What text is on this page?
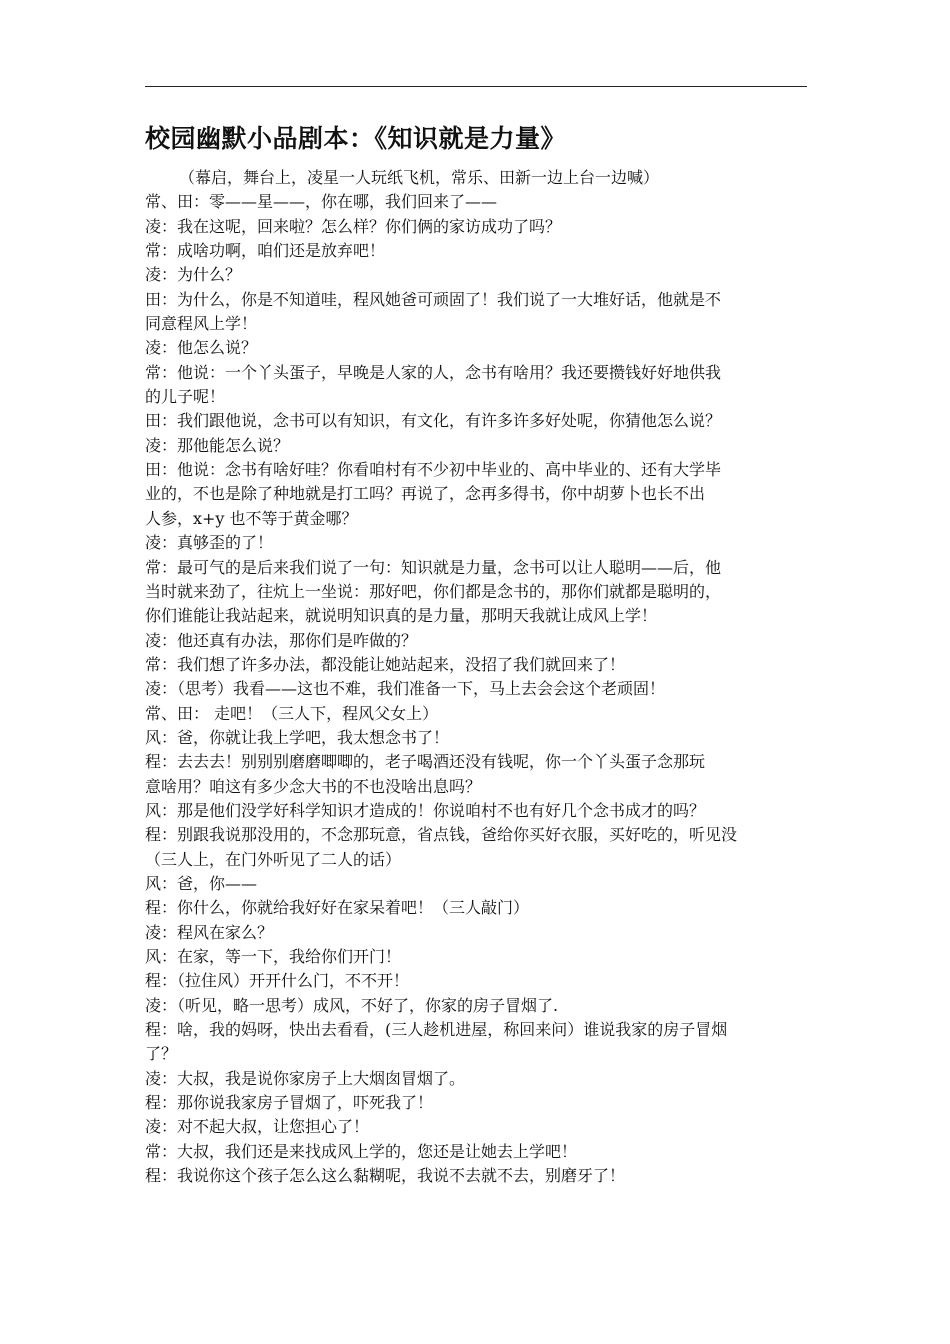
校园幽默小品剧本：《知识就是力量》
（幕启，舞台上，凌星一人玩纸飞机，常乐、田新一边上台一边喊）
常、田：零——星——，你在哪，我们回来了——
凌：我在这呢，回来啦？怎么样？你们俩的家访成功了吗？
常：成啥功啊，咱们还是放弃吧！
凌：为什么？
田：为什么，你是不知道哇，程风她爸可顽固了！我们说了一大堆好话，他就是不
同意程风上学！
凌：他怎么说？
常：他说：一个丫头蛋子，早晚是人家的人，念书有啥用？我还要攒钱好好地供我
的儿子呢！
田：我们跟他说，念书可以有知识，有文化，有许多许多好处呢，你猜他怎么说？
凌：那他能怎么说？
田：他说：念书有啥好哇？你看咱村有不少初中毕业的、高中毕业的、还有大学毕
业的，不也是除了种地就是打工吗？再说了，念再多得书，你中胡萝卜也长不出
人参，x+y 也不等于黄金哪？
凌：真够歪的了！
常：最可气的是后来我们说了一句：知识就是力量，念书可以让人聪明——后，他
当时就来劲了，往炕上一坐说：那好吧，你们都是念书的，那你们就都是聪明的，
你们谁能让我站起来，就说明知识真的是力量，那明天我就让成风上学！
凌：他还真有办法，那你们是咋做的？
常：我们想了许多办法，都没能让她站起来，没招了我们就回来了！
凌：（思考）我看——这也不难，我们准备一下，马上去会会这个老顽固！
常、田： 走吧！（三人下，程风父女上）
风：爸，你就让我上学吧，我太想念书了！
程：去去去！别别别磨磨唧唧的，老子喝酒还没有钱呢，你一个丫头蛋子念那玩
意啥用？咱这有多少念大书的不也没啥出息吗？
风：那是他们没学好科学知识才造成的！你说咱村不也有好几个念书成才的吗？
程：别跟我说那没用的，不念那玩意，省点钱，爸给你买好衣服，买好吃的，听见没
（三人上，在门外听见了二人的话）
风：爸，你——
程：你什么，你就给我好好在家呆着吧！（三人敲门）
凌：程风在家么？
风：在家，等一下，我给你们开门！
程：（拉住风）开开什么门，不不开！
凌：（听见，略一思考）成风，不好了，你家的房子冒烟了.
程：啥，我的妈呀，快出去看看，(三人趁机进屋，称回来问）谁说我家的房子冒烟
了？
凌：大叔，我是说你家房子上大烟囱冒烟了。
程：那你说我家房子冒烟了，吓死我了！
凌：对不起大叔，让您担心了！
常：大叔，我们还是来找成风上学的，您还是让她去上学吧！
程：我说你这个孩子怎么这么黏糊呢，我说不去就不去，别磨牙了！
